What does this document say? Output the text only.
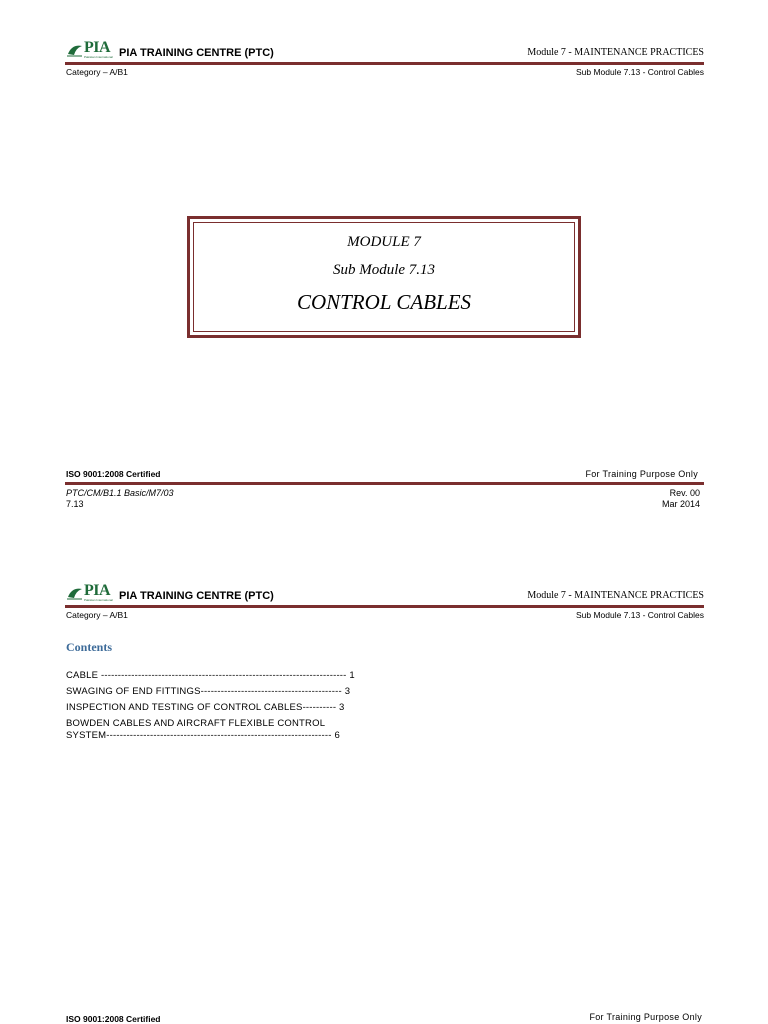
PIA
Pakistan International PIA TRAINING CENTRE (PTC)	Module 7 - MAINTENANCE PRACTICES
Category – A/B1	Sub Module 7.13 - Control Cables
MODULE 7
Sub Module 7.13
CONTROL CABLES
ISO 9001:2008 Certified	For Training Purpose Only
PTC/CM/B1.1 Basic/M7/03
7.13
Rev. 00
Mar 2014
PIA
Pakistan International PIA TRAINING CENTRE (PTC)	Module 7 - MAINTENANCE PRACTICES
Category – A/B1	Sub Module 7.13 - Control Cables
Contents
CABLE ------------------------------------------------------------------------- 1
SWAGING OF END FITTINGS------------------------------------------ 3
INSPECTION AND TESTING OF CONTROL CABLES---------- 3
BOWDEN CABLES AND AIRCRAFT FLEXIBLE CONTROL
SYSTEM------------------------------------------------------------------- 6
ISO 9001:2008 Certified	For Training Purpose Only
